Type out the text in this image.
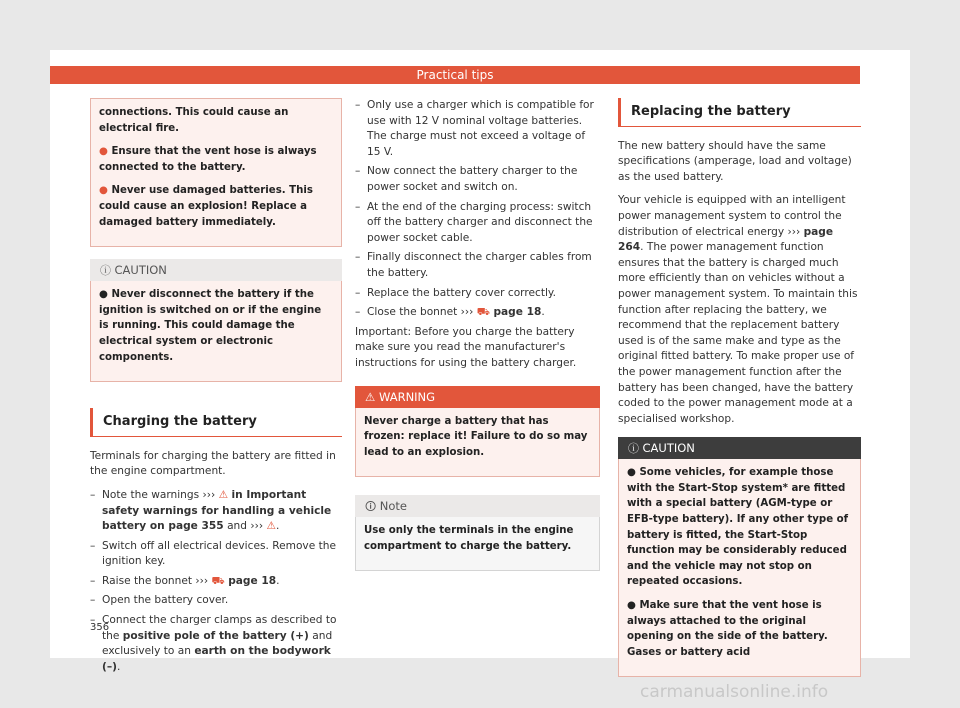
Practical tips

connections. This could cause an electrical fire.

● Ensure that the vent hose is always connected to the battery.

● Never use damaged batteries. This could cause an explosion! Replace a damaged battery immediately.

ⓘ CAUTION

● Never disconnect the battery if the ignition is switched on or if the engine is running. This could damage the electrical system or electronic components.

Charging the battery

Terminals for charging the battery are fitted in the engine compartment.

– Note the warnings ››› ⚠ in Important safety warnings for handling a vehicle battery on page 355 and ››› ⚠.
– Switch off all electrical devices. Remove the ignition key.
– Raise the bonnet ››› ⛟ page 18.
– Open the battery cover.
– Connect the charger clamps as described to the positive pole of the battery (+) and exclusively to an earth on the bodywork (–).
– Only use a charger which is compatible for use with 12 V nominal voltage batteries. The charge must not exceed a voltage of 15 V.
– Now connect the battery charger to the power socket and switch on.
– At the end of the charging process: switch off the battery charger and disconnect the power socket cable.
– Finally disconnect the charger cables from the battery.
– Replace the battery cover correctly.
– Close the bonnet ››› ⛟ page 18.

Important: Before you charge the battery make sure you read the manufacturer's instructions for using the battery charger.

⚠ WARNING

Never charge a battery that has frozen: replace it! Failure to do so may lead to an explosion.

🛈 Note

Use only the terminals in the engine compartment to charge the battery.

Replacing the battery

The new battery should have the same specifications (amperage, load and voltage) as the used battery.

Your vehicle is equipped with an intelligent power management system to control the distribution of electrical energy ››› page 264. The power management function ensures that the battery is charged much more efficiently than on vehicles without a power management system. To maintain this function after replacing the battery, we recommend that the replacement battery used is of the same make and type as the original fitted battery. To make proper use of the power management function after the battery has been changed, have the battery coded to the power management mode at a specialised workshop.

ⓘ CAUTION

● Some vehicles, for example those with the Start-Stop system* are fitted with a special battery (AGM-type or EFB-type battery). If any other type of battery is fitted, the Start-Stop function may be considerably reduced and the vehicle may not stop on repeated occasions.

● Make sure that the vent hose is always attached to the original opening on the side of the battery. Gases or battery acid

356
carmanualsonline.info
